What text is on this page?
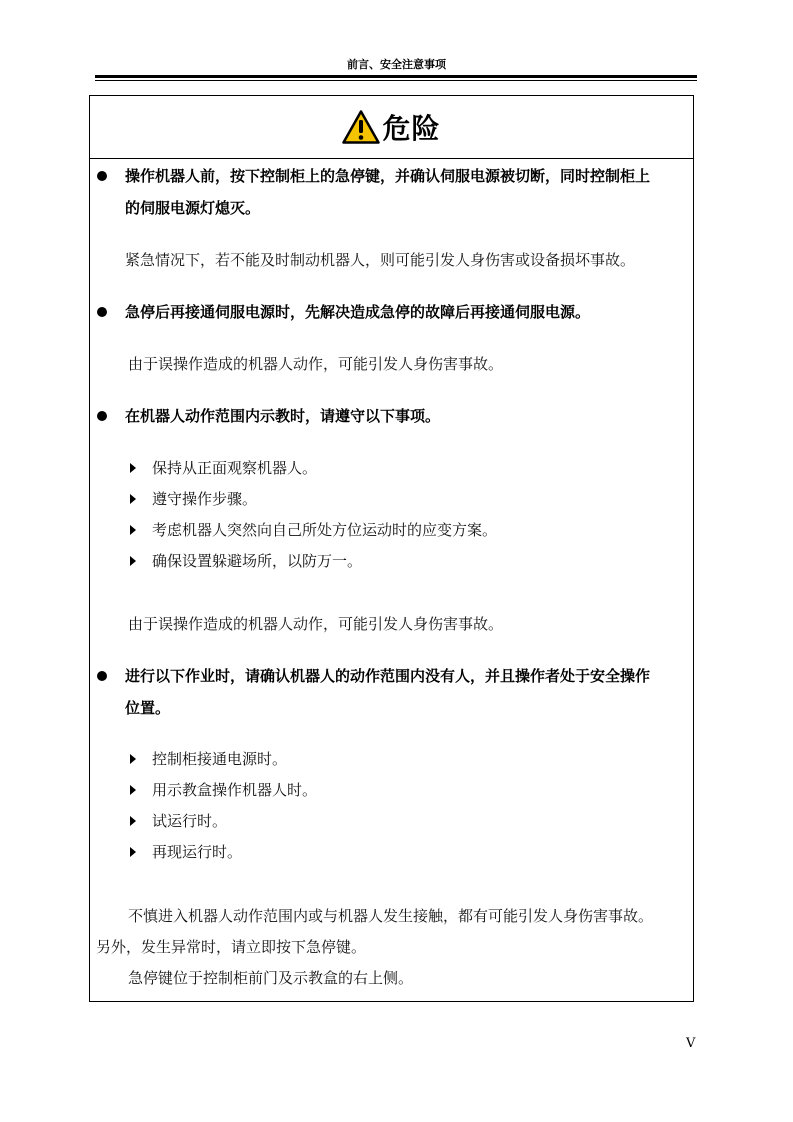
前言、安全注意事项
危险
操作机器人前，按下控制柜上的急停键，并确认伺服电源被切断，同时控制柜上
的伺服电源灯熄灭。
紧急情况下，若不能及时制动机器人，则可能引发人身伤害或设备损坏事故。
急停后再接通伺服电源时，先解决造成急停的故障后再接通伺服电源。
由于误操作造成的机器人动作，可能引发人身伤害事故。
在机器人动作范围内示教时，请遵守以下事项。
保持从正面观察机器人。
遵守操作步骤。
考虑机器人突然向自己所处方位运动时的应变方案。
确保设置躲避场所，以防万一。
由于误操作造成的机器人动作，可能引发人身伤害事故。
进行以下作业时，请确认机器人的动作范围内没有人，并且操作者处于安全操作
位置。
控制柜接通电源时。
用示教盒操作机器人时。
试运行时。
再现运行时。
不慎进入机器人动作范围内或与机器人发生接触，都有可能引发人身伤害事故。
另外，发生异常时，请立即按下急停键。
急停键位于控制柜前门及示教盒的右上侧。
V
